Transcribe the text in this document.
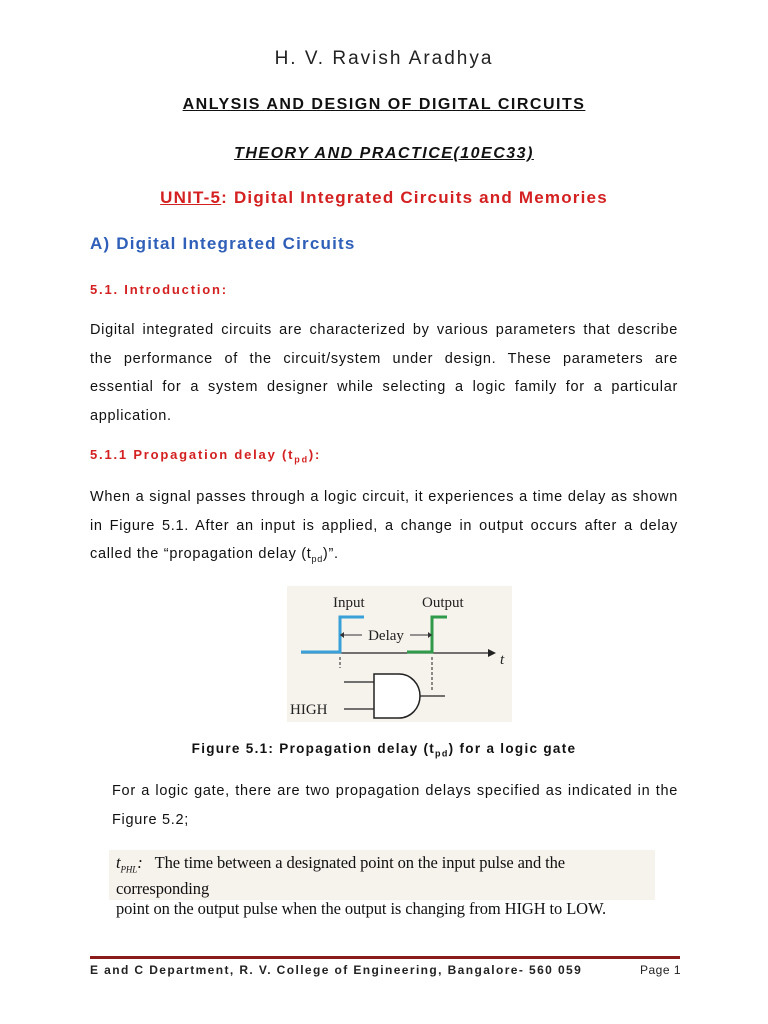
H. V. Ravish Aradhya
ANLYSIS AND DESIGN OF DIGITAL CIRCUITS
THEORY AND PRACTICE(10EC33)
UNIT-5: Digital Integrated Circuits and Memories
A) Digital Integrated Circuits
5.1. Introduction:

Digital integrated circuits are characterized by various parameters that describe the performance of the circuit/system under design. These parameters are essential for a system designer while selecting a logic family for a particular application.

5.1.1 Propagation delay $(t_{pd})$:

When a signal passes through a logic circuit, it experiences a time delay as shown in Figure 5.1. After an input is applied, a change in output occurs after a delay called the “propagation delay $(t_{pd})$”.

Input	Output
t
Delay
HIGH
Figure 5.1: Propagation delay $(t_{pd})$ for a logic gate

For a logic gate, there are two propagation delays specified as indicated in the Figure 5.2;

$t_{PHL}$: The time between a designated point on the input pulse and the corresponding
point on the output pulse when the output is changing from HIGH to LOW.
E and C Department, R. V. College of Engineering, Bangalore- 560 059	Page 1
